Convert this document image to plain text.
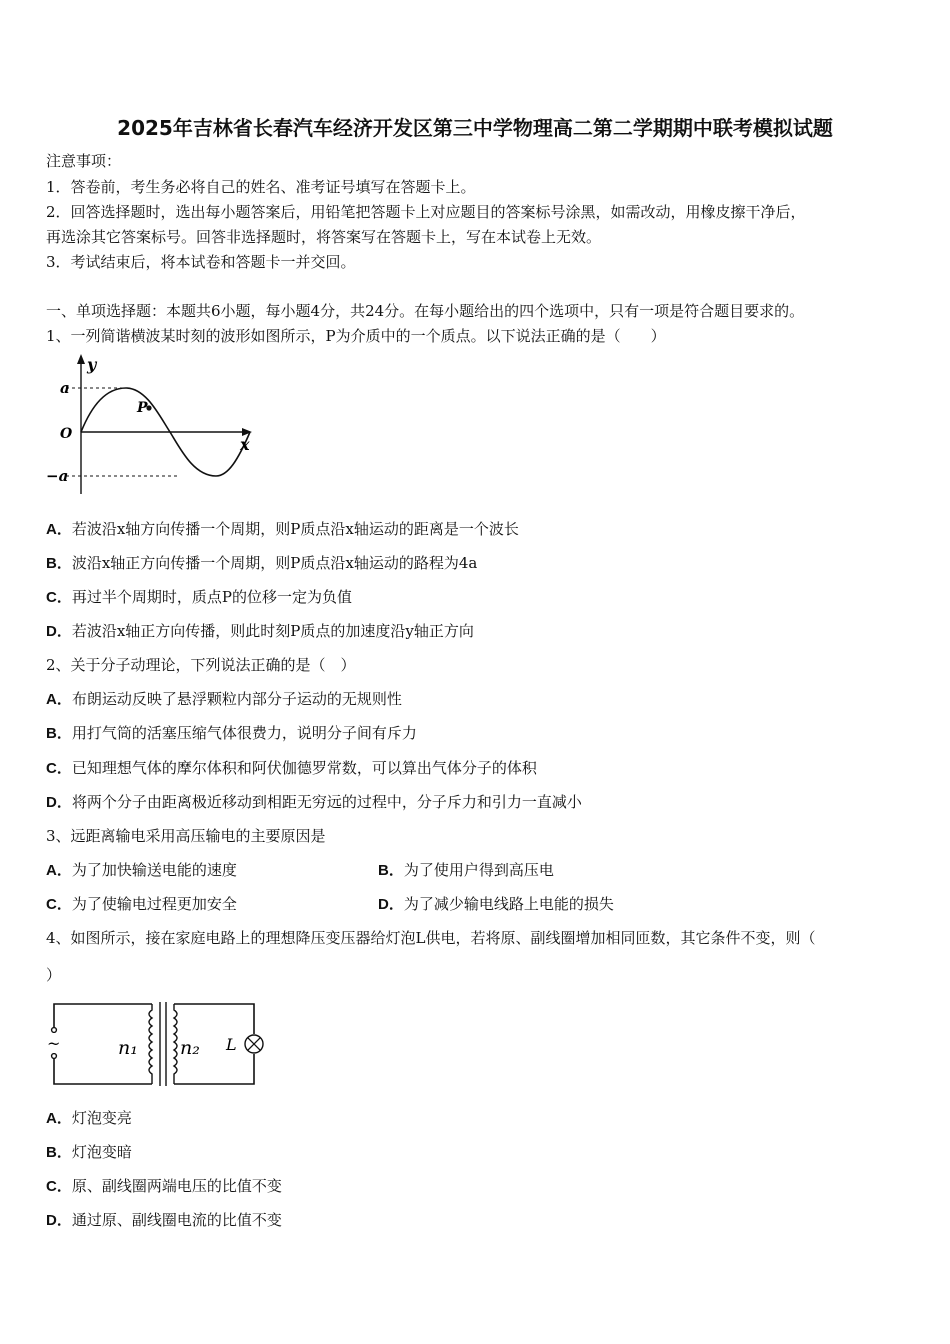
2025年吉林省长春汽车经济开发区第三中学物理高二第二学期期中联考模拟试题
注意事项：
1．答卷前，考生务必将自己的姓名、准考证号填写在答题卡上。
2．回答选择题时，选出每小题答案后，用铅笔把答题卡上对应题目的答案标号涂黑，如需改动，用橡皮擦干净后，
再选涂其它答案标号。回答非选择题时，将答案写在答题卡上，写在本试卷上无效。
3．考试结束后，将本试卷和答题卡一并交回。
一、单项选择题：本题共6小题，每小题4分，共24分。在每小题给出的四个选项中，只有一项是符合题目要求的。
1、一列简谐横波某时刻的波形如图所示，P为介质中的一个质点。以下说法正确的是（　　）
P
y
x
a
−a
O
A．若波沿x轴方向传播一个周期，则P质点沿x轴运动的距离是一个波长
B．波沿x轴正方向传播一个周期，则P质点沿x轴运动的路程为4a
C．再过半个周期时，质点P的位移一定为负值
D．若波沿x轴正方向传播，则此时刻P质点的加速度沿y轴正方向
2、关于分子动理论，下列说法正确的是（　）
A．布朗运动反映了悬浮颗粒内部分子运动的无规则性
B．用打气筒的活塞压缩气体很费力，说明分子间有斥力
C．已知理想气体的摩尔体积和阿伏伽德罗常数，可以算出气体分子的体积
D．将两个分子由距离极近移动到相距无穷远的过程中，分子斥力和引力一直减小
3、远距离输电采用高压输电的主要原因是
A．为了加快输送电能的速度	B．为了使用户得到高压电
C．为了使输电过程更加安全	D．为了减少输电线路上电能的损失
4、如图所示，接在家庭电路上的理想降压变压器给灯泡L供电，若将原、副线圈增加相同匝数，其它条件不变，则（
）
~	L
n₁ n₂
A．灯泡变亮
B．灯泡变暗
C．原、副线圈两端电压的比值不变
D．通过原、副线圈电流的比值不变
